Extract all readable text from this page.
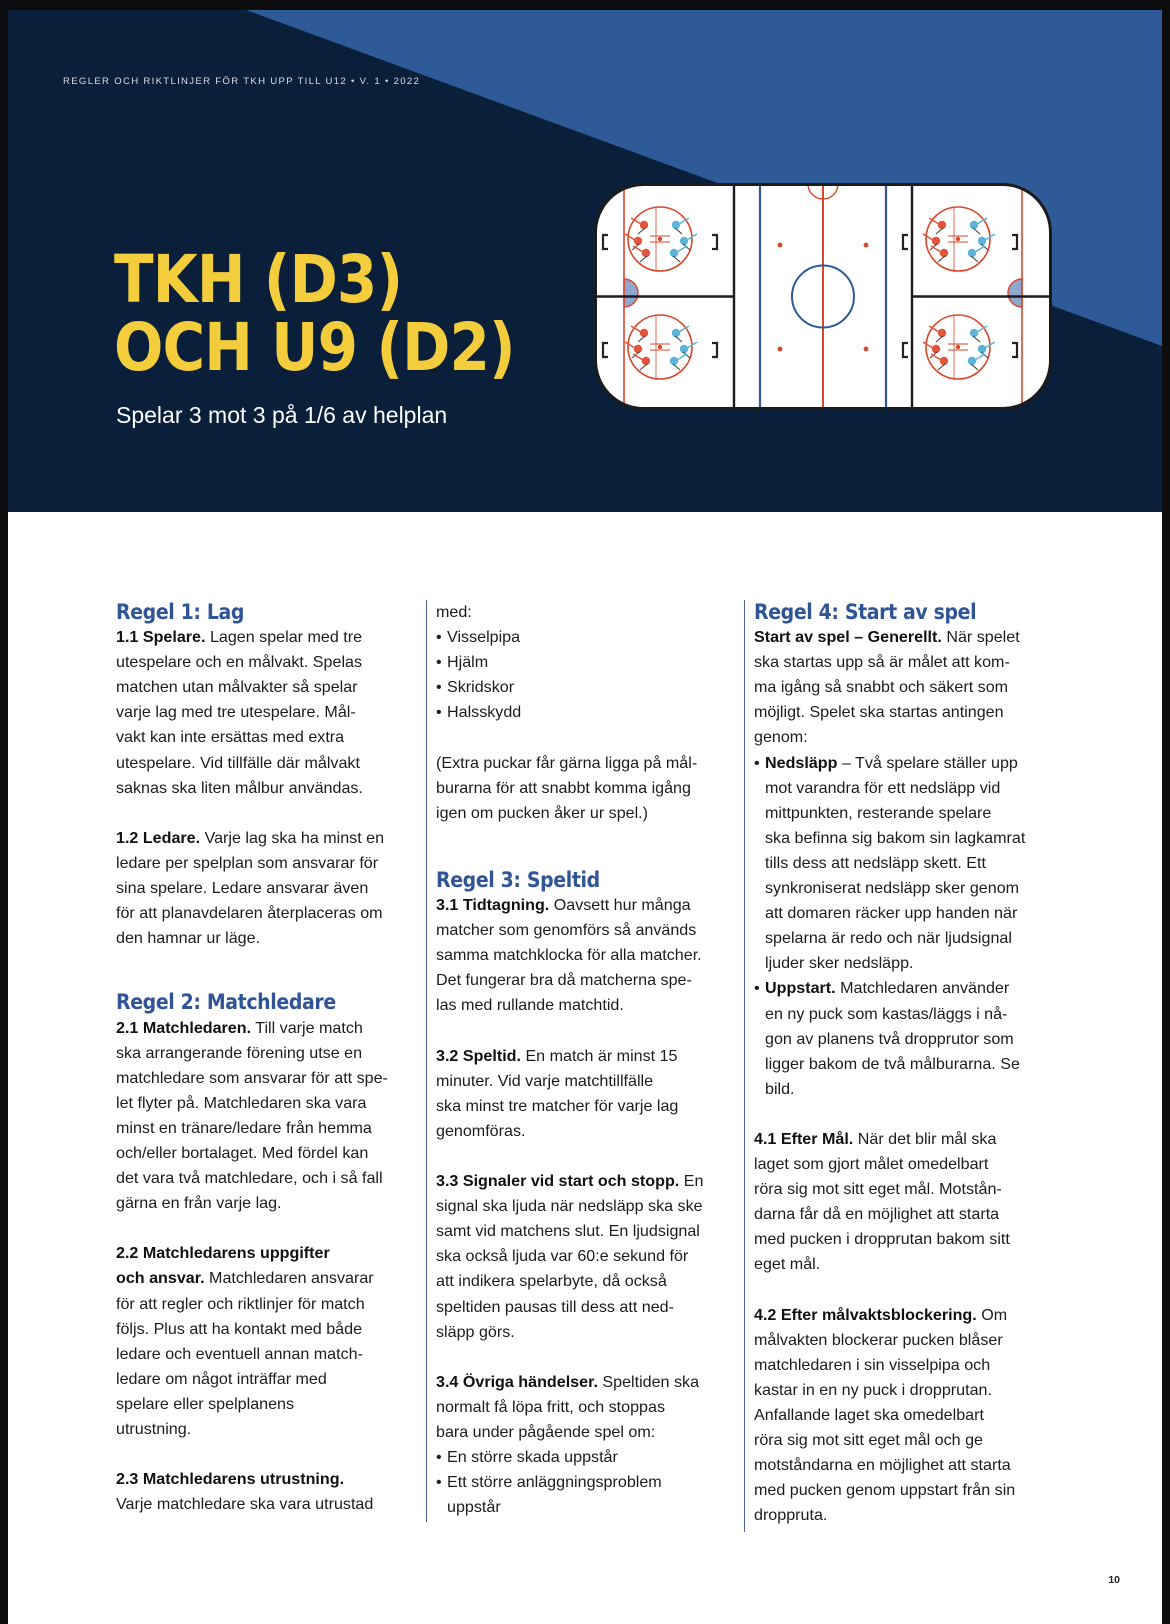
REGLER OCH RIKTLINJER FÖR TKH UPP TILL U12 • V. 1 • 2022
TKH (D3)
OCH U9 (D2)
Spelar 3 mot 3 på 1/6 av helplan
Regel 1: Lag

1.1 Spelare. Lagen spelar med tre
utespelare och en målvakt. Spelas
matchen utan målvakter så spelar
varje lag med tre utespelare. Mål-
vakt kan inte ersättas med extra
utespelare. Vid tillfälle där målvakt
saknas ska liten målbur användas.

1.2 Ledare. Varje lag ska ha minst en
ledare per spelplan som ansvarar för
sina spelare. Ledare ansvarar även
för att planavdelaren återplaceras om
den hamnar ur läge.

Regel 2: Matchledare

2.1 Matchledaren. Till varje match
ska arrangerande förening utse en
matchledare som ansvarar för att spe-
let flyter på. Matchledaren ska vara
minst en tränare/ledare från hemma
och/eller bortalaget. Med fördel kan
det vara två matchledare, och i så fall
gärna en från varje lag.

2.2 Matchledarens uppgifter
och ansvar. Matchledaren ansvarar
för att regler och riktlinjer för match
följs. Plus att ha kontakt med både
ledare och eventuell annan match-
ledare om något inträffar med
spelare eller spelplanens
utrustning.

2.3 Matchledarens utrustning.
Varje matchledare ska vara utrustad

med:

• Visselpipa
• Hjälm
• Skridskor
• Halsskydd

(Extra puckar får gärna ligga på mål-
burarna för att snabbt komma igång
igen om pucken åker ur spel.)

Regel 3: Speltid

3.1 Tidtagning. Oavsett hur många
matcher som genomförs så används
samma matchklocka för alla matcher.
Det fungerar bra då matcherna spe-
las med rullande matchtid.

3.2 Speltid. En match är minst 15
minuter. Vid varje matchtillfälle
ska minst tre matcher för varje lag
genomföras.

3.3 Signaler vid start och stopp. En
signal ska ljuda när nedsläpp ska ske
samt vid matchens slut. En ljudsignal
ska också ljuda var 60:e sekund för
att indikera spelarbyte, då också
speltiden pausas till dess att ned-
släpp görs.

3.4 Övriga händelser. Speltiden ska
normalt få löpa fritt, och stoppas
bara under pågående spel om:

• En större skada uppstår
• Ett större anläggningsproblem
uppstår
Regel 4: Start av spel

Start av spel – Generellt. När spelet
ska startas upp så är målet att kom-
ma igång så snabbt och säkert som
möjligt. Spelet ska startas antingen
genom:

• Nedsläpp – Två spelare ställer upp
mot varandra för ett nedsläpp vid
mittpunkten, resterande spelare
ska befinna sig bakom sin lagkamrat
tills dess att nedsläpp skett. Ett
synkroniserat nedsläpp sker genom
att domaren räcker upp handen när
spelarna är redo och när ljudsignal
ljuder sker nedsläpp.
• Uppstart. Matchledaren använder
en ny puck som kastas/läggs i nå-
gon av planens två dropprutor som
ligger bakom de två målburarna. Se
bild.

4.1 Efter Mål. När det blir mål ska
laget som gjort målet omedelbart
röra sig mot sitt eget mål. Motstån-
darna får då en möjlighet att starta
med pucken i dropprutan bakom sitt
eget mål.

4.2 Efter målvaktsblockering. Om
målvakten blockerar pucken blåser
matchledaren i sin visselpipa och
kastar in en ny puck i dropprutan.
Anfallande laget ska omedelbart
röra sig mot sitt eget mål och ge
motståndarna en möjlighet att starta
med pucken genom uppstart från sin
droppruta.

10
